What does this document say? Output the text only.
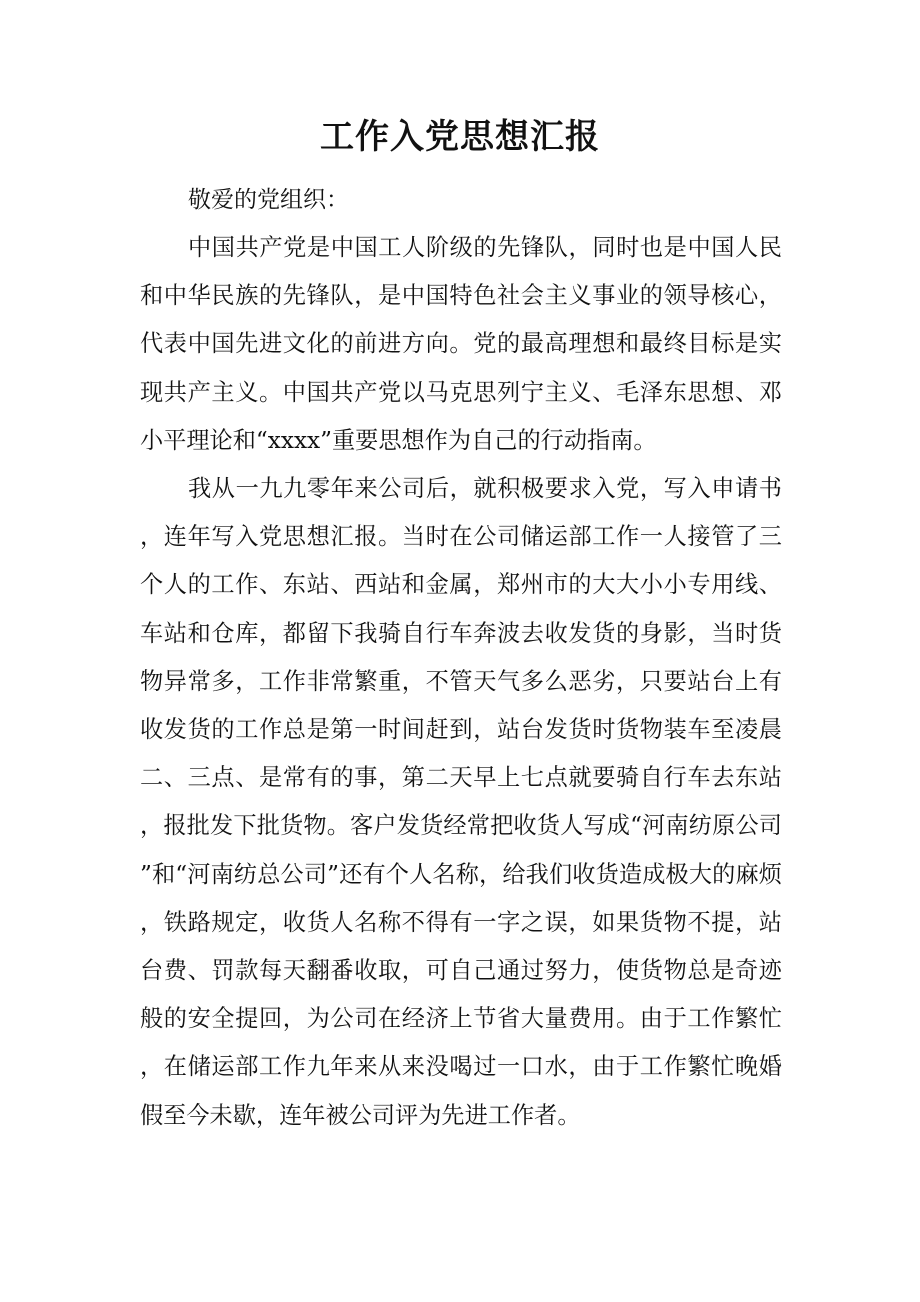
工作入党思想汇报

敬爱的党组织：

中国共产党是中国工人阶级的先锋队，同时也是中国人民和中华民族的先锋队，是中国特色社会主义事业的领导核心，代表中国先进文化的前进方向。党的最高理想和最终目标是实现共产主义。中国共产党以马克思列宁主义、毛泽东思想、邓小平理论和“xxxx”重要思想作为自己的行动指南。

我从一九九零年来公司后，就积极要求入党，写入申请书，连年写入党思想汇报。当时在公司储运部工作一人接管了三个人的工作、东站、西站和金属，郑州市的大大小小专用线、车站和仓库，都留下我骑自行车奔波去收发货的身影，当时货物异常多，工作非常繁重，不管天气多么恶劣，只要站台上有收发货的工作总是第一时间赶到，站台发货时货物装车至凌晨二、三点、是常有的事，第二天早上七点就要骑自行车去东站，报批发下批货物。客户发货经常把收货人写成“河南纺原公司”和“河南纺总公司”还有个人名称，给我们收货造成极大的麻烦，铁路规定，收货人名称不得有一字之误，如果货物不提，站台费、罚款每天翻番收取，可自己通过努力，使货物总是奇迹般的安全提回，为公司在经济上节省大量费用。由于工作繁忙，在储运部工作九年来从来没喝过一口水，由于工作繁忙晚婚假至今未歇，连年被公司评为先进工作者。
